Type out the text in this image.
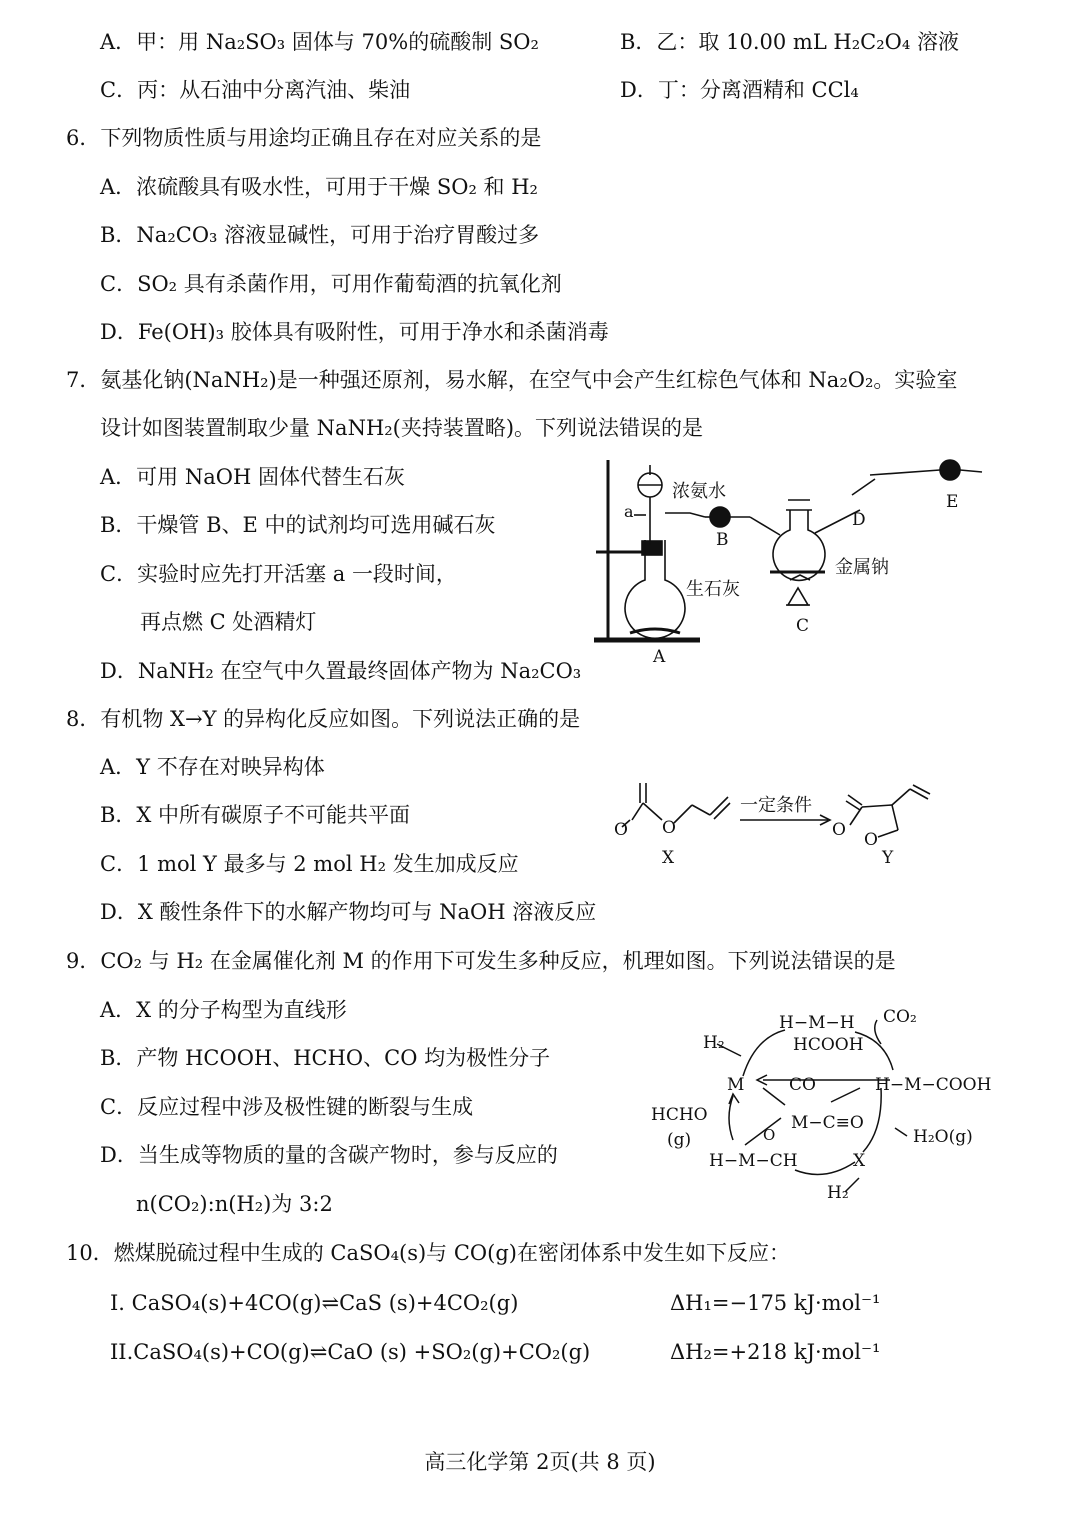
A．甲：用 Na₂SO₃ 固体与 70%的硫酸制 SO₂	B．乙：取 10.00 mL H₂C₂O₄ 溶液
C．丙：从石油中分离汽油、柴油	D．丁：分离酒精和 CCl₄
6．下列物质性质与用途均正确且存在对应关系的是
A．浓硫酸具有吸水性，可用于干燥 SO₂ 和 H₂
B．Na₂CO₃ 溶液显碱性，可用于治疗胃酸过多
C．SO₂ 具有杀菌作用，可用作葡萄酒的抗氧化剂
D．Fe(OH)₃ 胶体具有吸附性，可用于净水和杀菌消毒
7．氨基化钠(NaNH₂)是一种强还原剂，易水解，在空气中会产生红棕色气体和 Na₂O₂。实验室
设计如图装置制取少量 NaNH₂(夹持装置略)。下列说法错误的是
A．可用 NaOH 固体代替生石灰
B．干燥管 B、E 中的试剂均可选用碱石灰
C．实验时应先打开活塞 a 一段时间，
再点燃 C 处酒精灯
D．NaNH₂ 在空气中久置最终固体产物为 Na₂CO₃
浓氨水
a
B
D
E
金属钠
生石灰
C
A
8．有机物 X→Y 的异构化反应如图。下列说法正确的是
A．Y 不存在对映异构体
B．X 中所有碳原子不可能共平面
C．1 mol Y 最多与 2 mol H₂ 发生加成反应
D．X 酸性条件下的水解产物均可与 NaOH 溶液反应
O O
X
一定条件
O O
Y
9．CO₂ 与 H₂ 在金属催化剂 M 的作用下可发生多种反应，机理如图。下列说法错误的是
A．X 的分子构型为直线形
B．产物 HCOOH、HCHO、CO 均为极性分子
C．反应过程中涉及极性键的断裂与生成
D．当生成等物质的量的含碳产物时，参与反应的
n(CO₂):n(H₂)为 3:2
H−M−H CO₂
H₂	HCOOH
M	CO	H−M−COOH
HCHO
(g)
M−C≡O
H₂O(g)
O
H−M−CH	X
H₂
10．燃煤脱硫过程中生成的 CaSO₄(s)与 CO(g)在密闭体系中发生如下反应：
I. CaSO₄(s)+4CO(g)⇌CaS (s)+4CO₂(g)	ΔH₁=−175 kJ·mol⁻¹
II.CaSO₄(s)+CO(g)⇌CaO (s) +SO₂(g)+CO₂(g)	ΔH₂=+218 kJ·mol⁻¹
高三化学第 2页(共 8 页)
